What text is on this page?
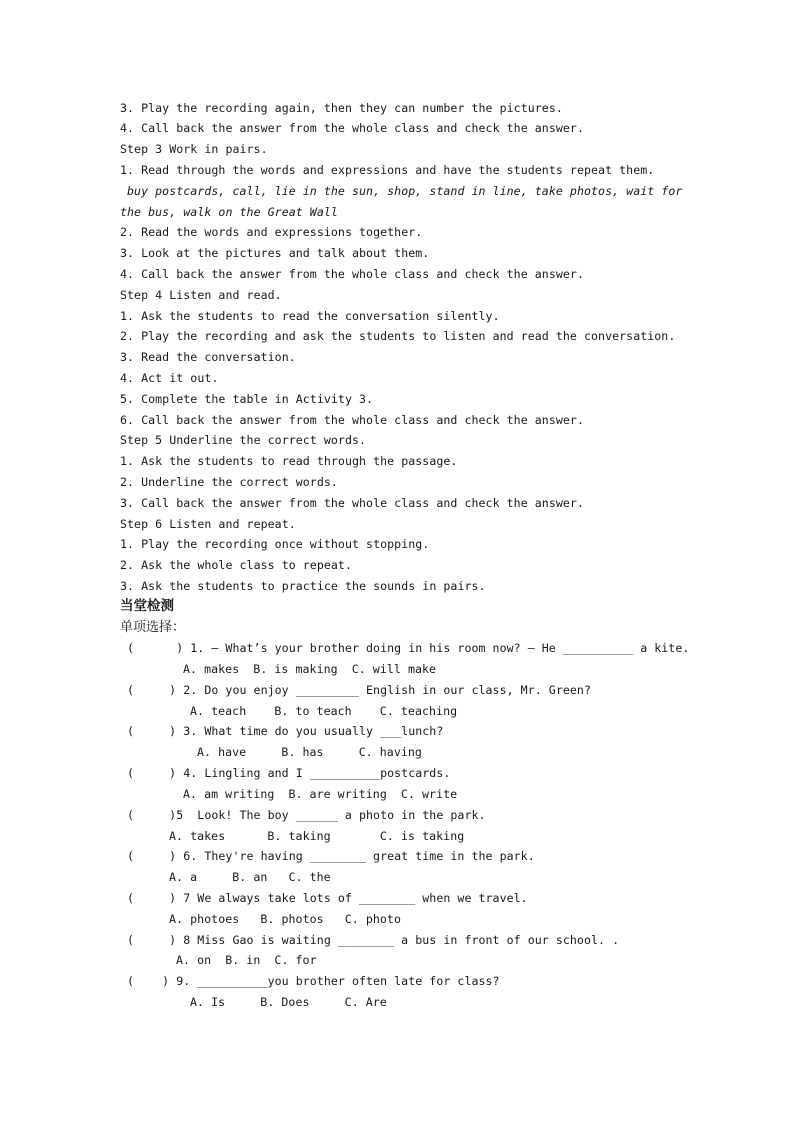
3. Play the recording again, then they can number the pictures.
4. Call back the answer from the whole class and check the answer.
Step 3 Work in pairs.
1. Read through the words and expressions and have the students repeat them.
buy postcards, call, lie in the sun, shop, stand in line, take photos, wait for
the bus, walk on the Great Wall
2. Read the words and expressions together.
3. Look at the pictures and talk about them.
4. Call back the answer from the whole class and check the answer.
Step 4 Listen and read.
1. Ask the students to read the conversation silently.
2. Play the recording and ask the students to listen and read the conversation.
3. Read the conversation.
4. Act it out.
5. Complete the table in Activity 3.
6. Call back the answer from the whole class and check the answer.
Step 5 Underline the correct words.
1. Ask the students to read through the passage.
2. Underline the correct words.
3. Call back the answer from the whole class and check the answer.
Step 6 Listen and repeat.
1. Play the recording once without stopping.
2. Ask the whole class to repeat.
3. Ask the students to practice the sounds in pairs.
当堂检测
单项选择：
(      ) 1. — What’s your brother doing in his room now? — He __________ a kite.
A. makes  B. is making  C. will make
(     ) 2. Do you enjoy _________ English in our class, Mr. Green?
A. teach    B. to teach    C. teaching
(     ) 3. What time do you usually ___lunch?
A. have     B. has     C. having
(     ) 4. Lingling and I __________postcards.
A. am writing  B. are writing  C. write
(     )5  Look! The boy ______ a photo in the park.
A. takes      B. taking       C. is taking
(     ) 6. They're having ________ great time in the park.
A. a     B. an   C. the
(     ) 7 We always take lots of ________ when we travel.
A. photoes   B. photos   C. photo
(     ) 8 Miss Gao is waiting ________ a bus in front of our school. .
A. on  B. in  C. for
(    ) 9. __________you brother often late for class?
A. Is     B. Does     C. Are
